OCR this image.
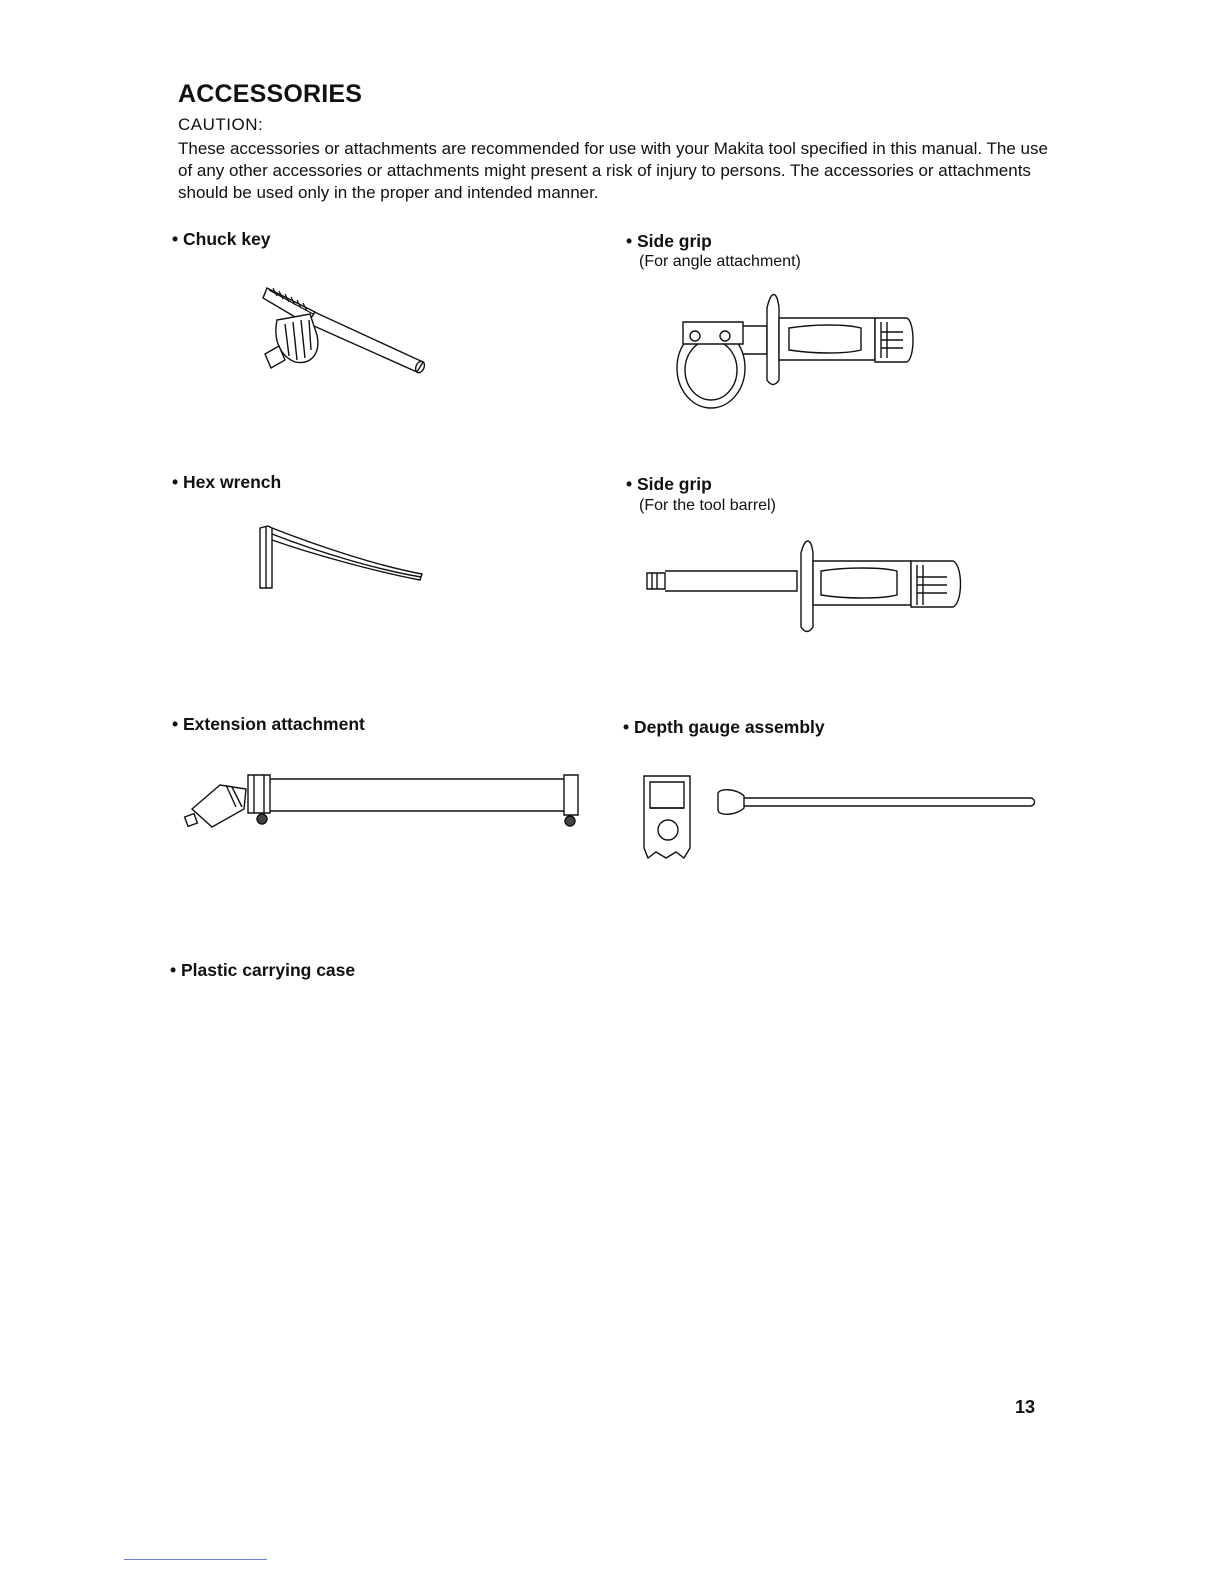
ACCESSORIES
CAUTION:
These accessories or attachments are recommended for use with your Makita tool specified in this manual. The use of any other accessories or attachments might present a risk of injury to persons. The accessories or attachments should be used only in the proper and intended manner.
• Chuck key	• Side grip
(For angle attachment)
• Hex wrench	• Side grip
(For the tool barrel)
• Extension attachment	• Depth gauge assembly
• Plastic carrying case
13
